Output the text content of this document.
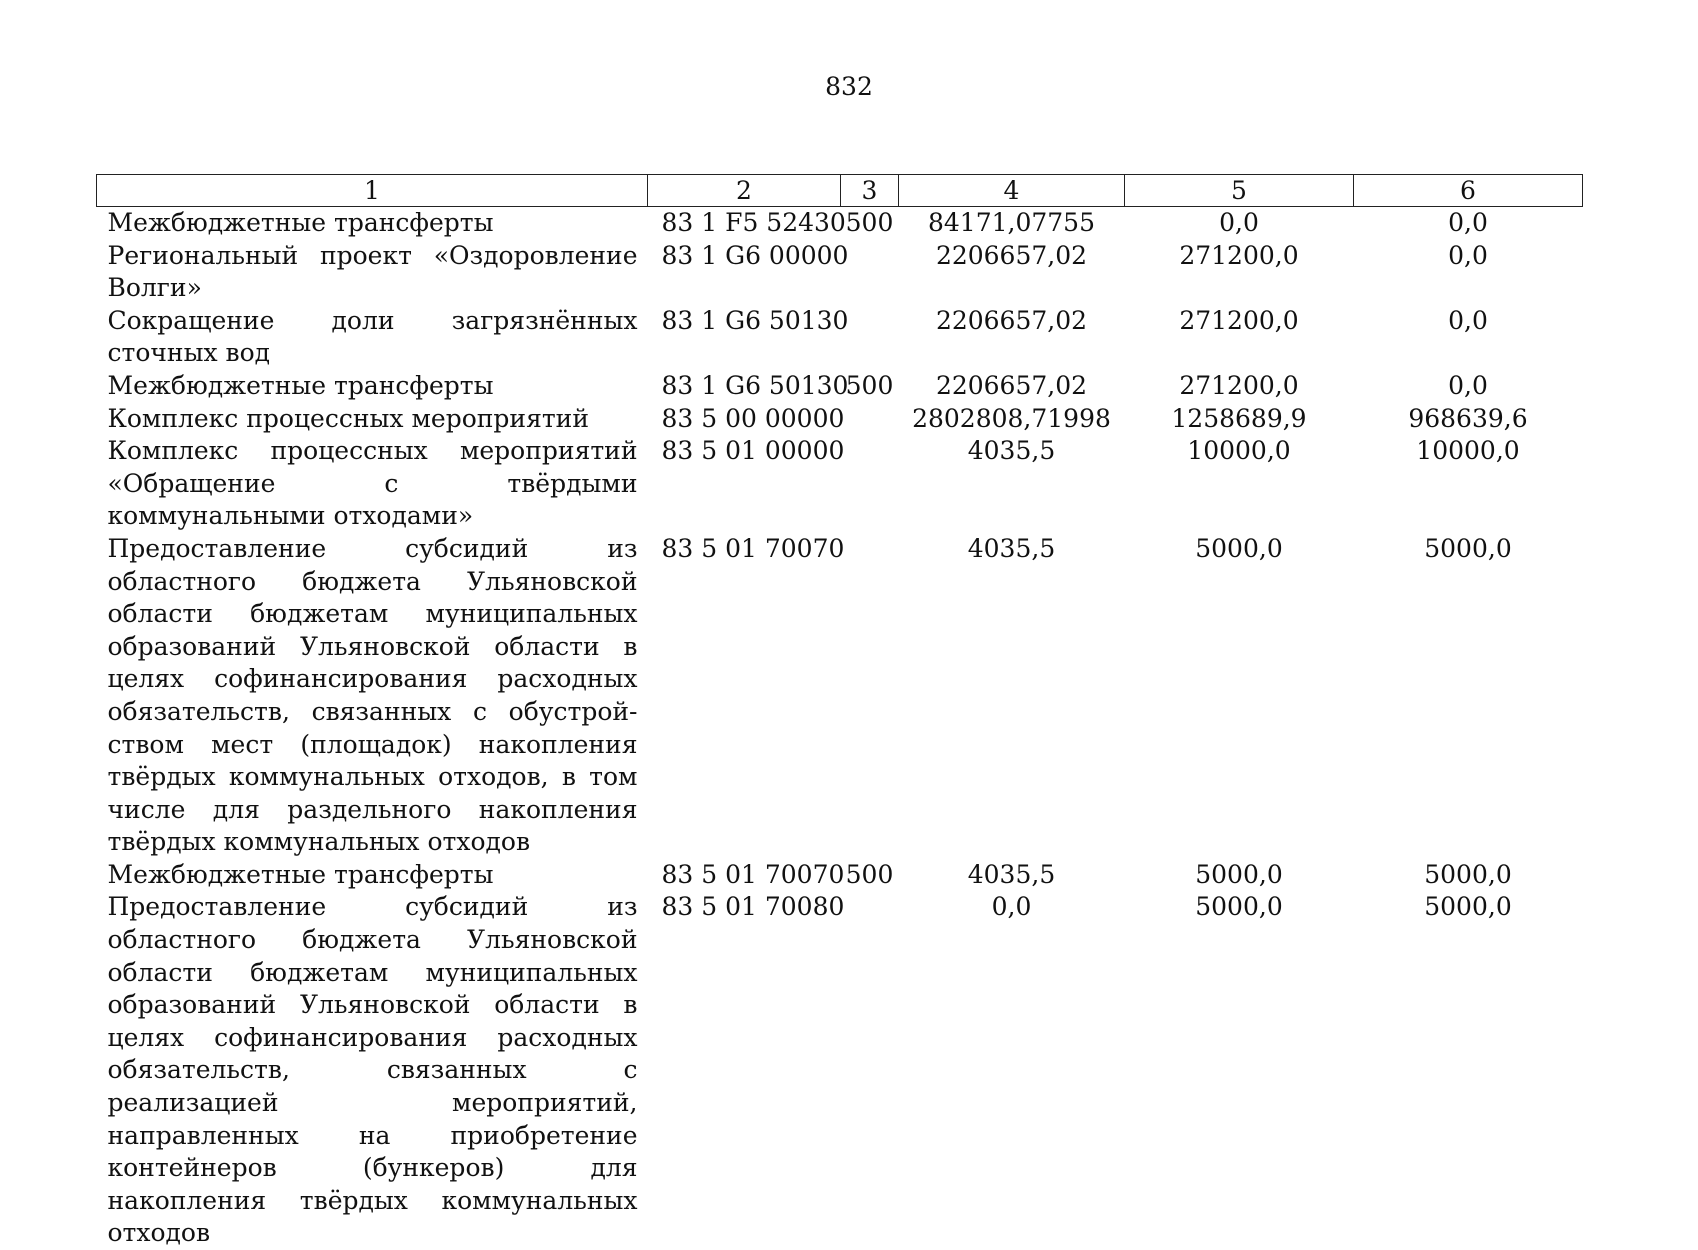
832
1	2	3	4	5	6
Межбюджетные трансферты	83 1 F5 52430	500	84171,07755	0,0	0,0
Региональный проект «Оздоровление Волги»	83 1 G6 00000		2206657,02	271200,0	0,0
Сокращение доли загрязнённых сточных вод	83 1 G6 50130		2206657,02	271200,0	0,0
Межбюджетные трансферты	83 1 G6 50130	500	2206657,02	271200,0	0,0
Комплекс процессных мероприятий	83 5 00 00000		2802808,71998	1258689,9	968639,6
Комплекс процессных мероприятий «Обращение с твёрдыми коммунальными отходами»	83 5 01 00000		4035,5	10000,0	10000,0
Предоставление субсидий из областного бюджета Ульяновской области бюджетам муниципальных образований Ульяновской области в целях софинансирования расходных обязательств, связанных с обустройством мест (площадок) накопления твёрдых коммунальных отходов, в том числе для раздельного накопления твёрдых коммунальных отходов	83 5 01 70070		4035,5	5000,0	5000,0
Межбюджетные трансферты	83 5 01 70070	500	4035,5	5000,0	5000,0
Предоставление субсидий из областного бюджета Ульяновской области бюджетам муниципальных образований Ульяновской области в целях софинансирования расходных обязательств, связанных с реализацией мероприятий, направленных на приобретение контейнеров (бункеров) для накопления твёрдых коммунальных отходов	83 5 01 70080		0,0	5000,0	5000,0
